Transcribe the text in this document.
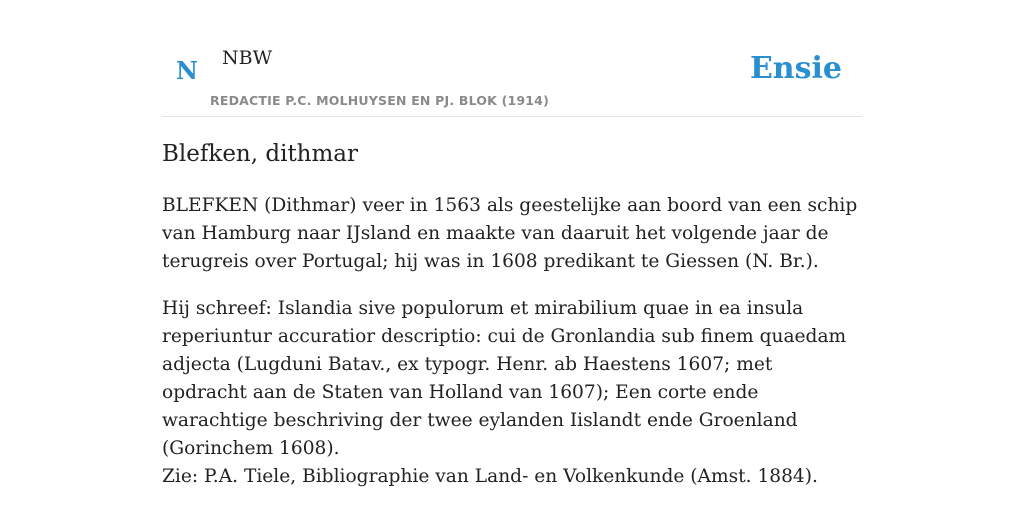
N NBW
REDACTIE P.C. MOLHUYSEN EN PJ. BLOK (1914)
Ensie
Blefken, dithmar

BLEFKEN (Dithmar) veer in 1563 als geestelijke aan boord van een schip van Hamburg naar IJsland en maakte van daaruit het volgende jaar de terugreis over Portugal; hij was in 1608 predikant te Giessen (N. Br.).

Hij schreef: Islandia sive populorum et mirabilium quae in ea insula reperiuntur accuratior descriptio: cui de Gronlandia sub finem quaedam adjecta (Lugduni Batav., ex typogr. Henr. ab Haestens 1607; met opdracht aan de Staten van Holland van 1607); Een corte ende warachtige beschriving der twee eylanden Iislandt ende Groenland (Gorinchem 1608).

Zie: P.A. Tiele, Bibliographie van Land- en Volkenkunde (Amst. 1884).
